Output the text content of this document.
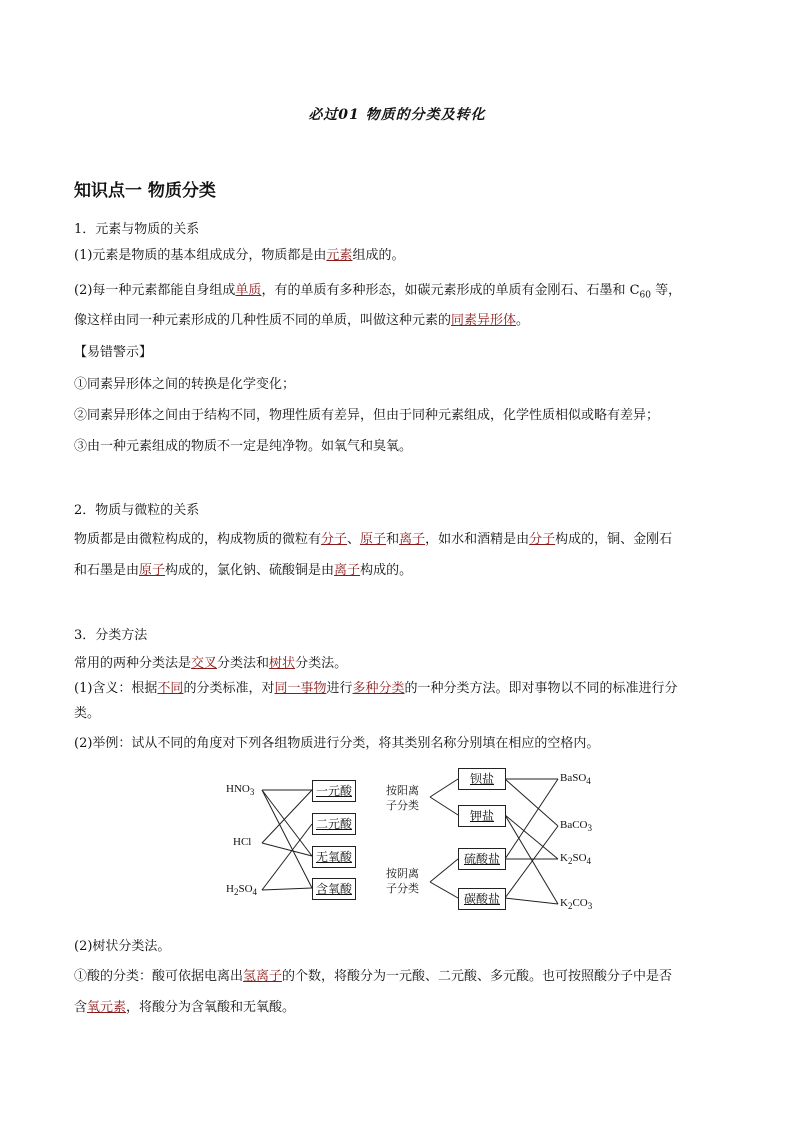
必过01 物质的分类及转化
知识点一 物质分类
1．元素与物质的关系
(1)元素是物质的基本组成成分，物质都是由元素组成的。
(2)每一种元素都能自身组成单质，有的单质有多种形态，如碳元素形成的单质有金刚石、石墨和 $C_{60}$ 等，
像这样由同一种元素形成的几种性质不同的单质，叫做这种元素的同素异形体。
【易错警示】
①同素异形体之间的转换是化学变化；
②同素异形体之间由于结构不同，物理性质有差异，但由于同种元素组成，化学性质相似或略有差异；
③由一种元素组成的物质不一定是纯净物。如氧气和臭氧。
2．物质与微粒的关系
物质都是由微粒构成的，构成物质的微粒有分子、原子和离子，如水和酒精是由分子构成的，铜、金刚石
和石墨是由原子构成的，氯化钠、硫酸铜是由离子构成的。
3．分类方法
常用的两种分类法是交叉分类法和树状分类法。
(1)含义：根据不同的分类标准，对同一事物进行多种分类的一种分类方法。即对事物以不同的标准进行分
类。
(2)举例：试从不同的角度对下列各组物质进行分类，将其类别名称分别填在相应的空格内。
$HNO_3$
HCl
$H_2SO_4$
一元酸
二元酸
无氧酸
含氧酸
按阳离
子分类
按阴离
子分类
钡盐
钾盐
硫酸盐
碳酸盐
BaSO$_4$
BaCO$_3$
$K_2SO_4$
$K_2CO_3$
(2)树状分类法。
①酸的分类：酸可依据电离出氢离子的个数，将酸分为一元酸、二元酸、多元酸。也可按照酸分子中是否
含氧元素，将酸分为含氧酸和无氧酸。
